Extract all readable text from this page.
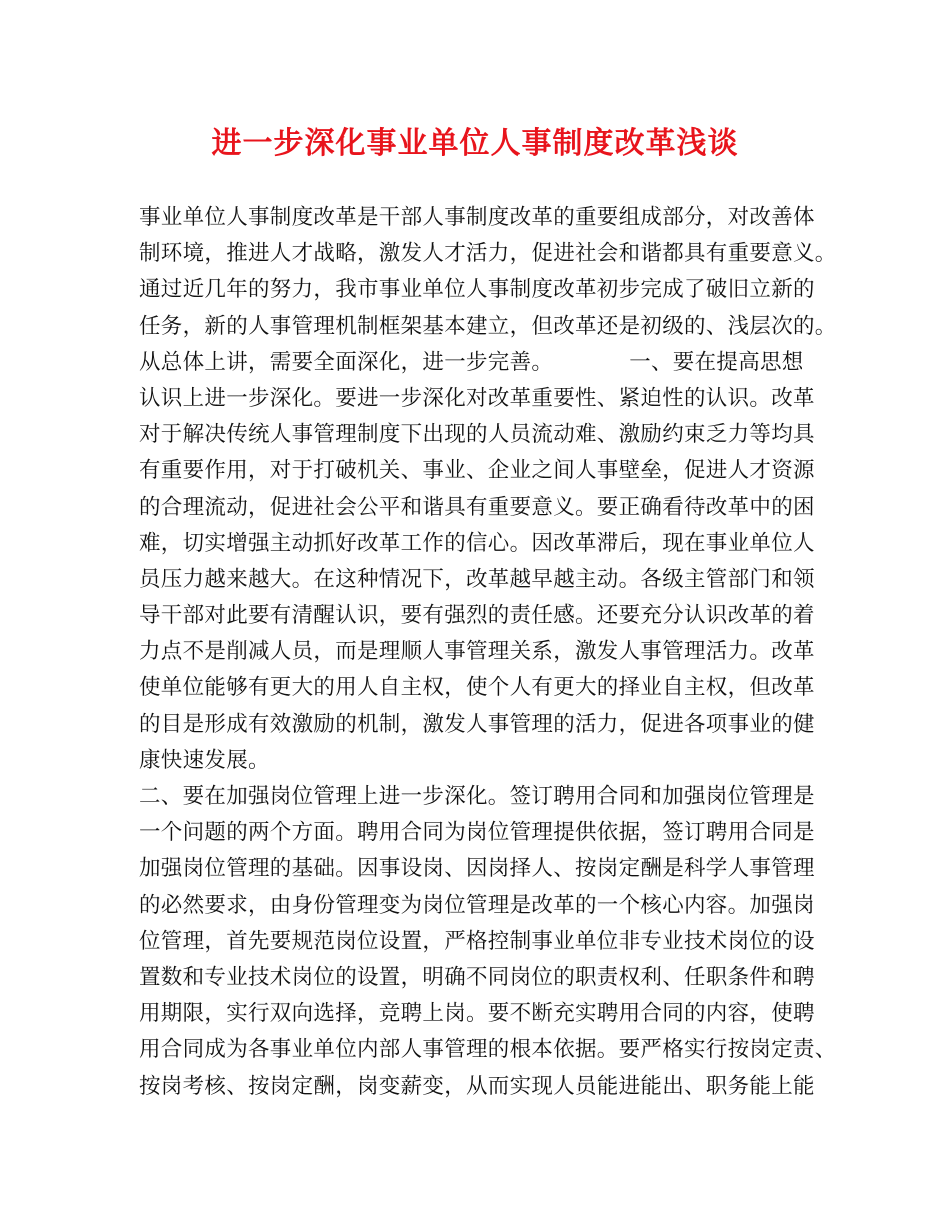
进一步深化事业单位人事制度改革浅谈
事业单位人事制度改革是干部人事制度改革的重要组成部分，对改善体
制环境，推进人才战略，激发人才活力，促进社会和谐都具有重要意义。
通过近几年的努力，我市事业单位人事制度改革初步完成了破旧立新的
任务，新的人事管理机制框架基本建立，但改革还是初级的、浅层次的。
从总体上讲，需要全面深化，进一步完善。	一、要在提高思想
认识上进一步深化。要进一步深化对改革重要性、紧迫性的认识。改革
对于解决传统人事管理制度下出现的人员流动难、激励约束乏力等均具
有重要作用，对于打破机关、事业、企业之间人事壁垒，促进人才资源
的合理流动，促进社会公平和谐具有重要意义。要正确看待改革中的困
难，切实增强主动抓好改革工作的信心。因改革滞后，现在事业单位人
员压力越来越大。在这种情况下，改革越早越主动。各级主管部门和领
导干部对此要有清醒认识，要有强烈的责任感。还要充分认识改革的着
力点不是削减人员，而是理顺人事管理关系，激发人事管理活力。改革
使单位能够有更大的用人自主权，使个人有更大的择业自主权，但改革
的目是形成有效激励的机制，激发人事管理的活力，促进各项事业的健
康快速发展。
二、要在加强岗位管理上进一步深化。签订聘用合同和加强岗位管理是
一个问题的两个方面。聘用合同为岗位管理提供依据，签订聘用合同是
加强岗位管理的基础。因事设岗、因岗择人、按岗定酬是科学人事管理
的必然要求，由身份管理变为岗位管理是改革的一个核心内容。加强岗
位管理，首先要规范岗位设置，严格控制事业单位非专业技术岗位的设
置数和专业技术岗位的设置，明确不同岗位的职责权利、任职条件和聘
用期限，实行双向选择，竞聘上岗。要不断充实聘用合同的内容，使聘
用合同成为各事业单位内部人事管理的根本依据。要严格实行按岗定责、
按岗考核、按岗定酬，岗变薪变，从而实现人员能进能出、职务能上能
